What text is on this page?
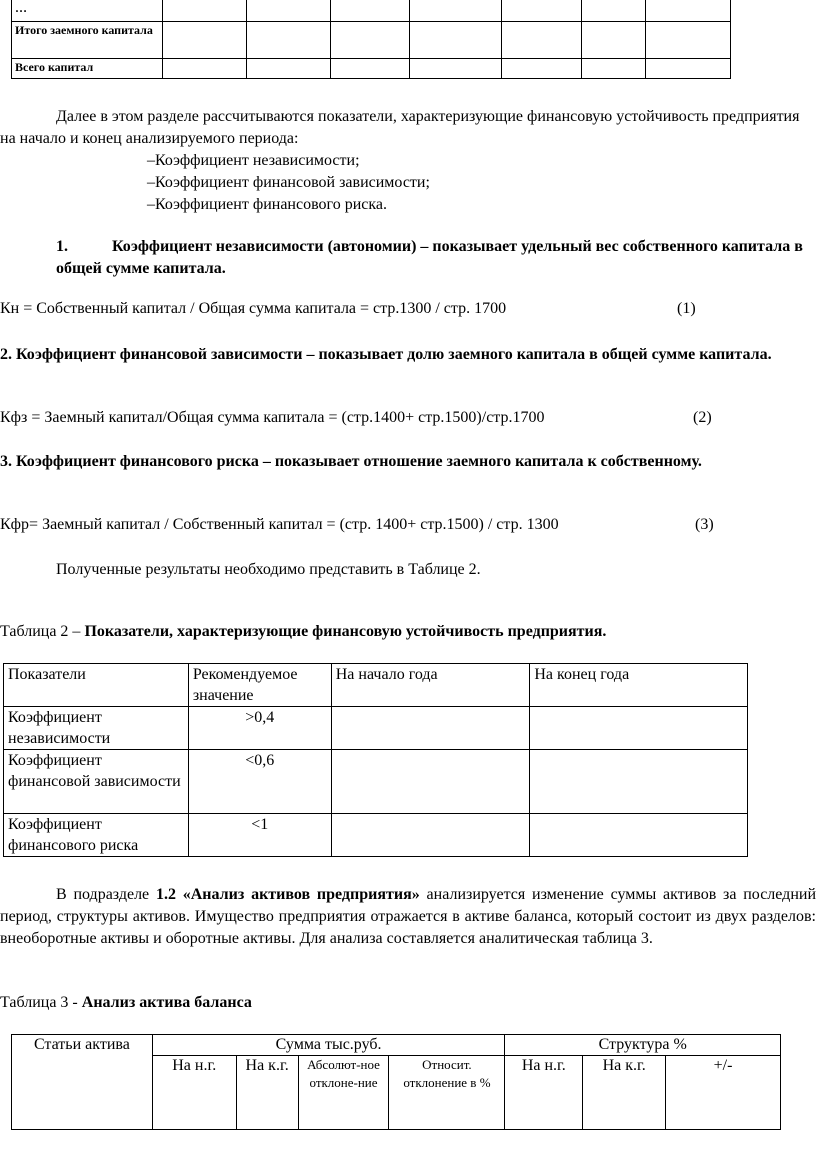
…							
Итого заемного капитала							
Всего капитал							

Далее в этом разделе рассчитываются показатели, характеризующие финансовую устойчивость предприятия на начало и конец анализируемого периода:

–Коэффициент независимости;

–Коэффициент финансовой зависимости;

–Коэффициент финансового риска.

1.	Коэффициент независимости (автономии) – показывает удельный вес собственного капитала в общей сумме капитала.

Кн = Собственный капитал / Общая сумма капитала = стр.1300 / стр. 1700	(1)

2. Коэффициент финансовой зависимости – показывает долю заемного капитала в общей сумме капитала.

Кфз = Заемный капитал/Общая сумма капитала = (стр.1400+ стр.1500)/стр.1700	(2)

3. Коэффициент финансового риска – показывает отношение заемного капитала к собственному.

Кфр= Заемный капитал / Собственный капитал = (стр. 1400+ стр.1500) / стр. 1300	(3)

Полученные результаты необходимо представить в Таблице 2.

Таблица 2 – Показатели, характеризующие финансовую устойчивость предприятия.

Показатели	Рекомендуемое значение	На начало года	На конец года
Коэффициент независимости	>0,4		
Коэффициент финансовой зависимости	<0,6		
Коэффициент финансового риска	<1		

В подразделе 1.2 «Анализ активов предприятия» анализируется изменение суммы активов за последний период, структуры активов. Имущество предприятия отражается в активе баланса, который состоит из двух разделов: внеоборотные активы и оборотные активы. Для анализа составляется аналитическая таблица 3.

Таблица 3 - Анализ актива баланса

Статьи актива	Сумма тыс.руб.				Структура %		
	На н.г.	На к.г.	Абсолют-ное отклоне-ние	Относит. отклонение в %	На н.г.	На к.г.	+/-
